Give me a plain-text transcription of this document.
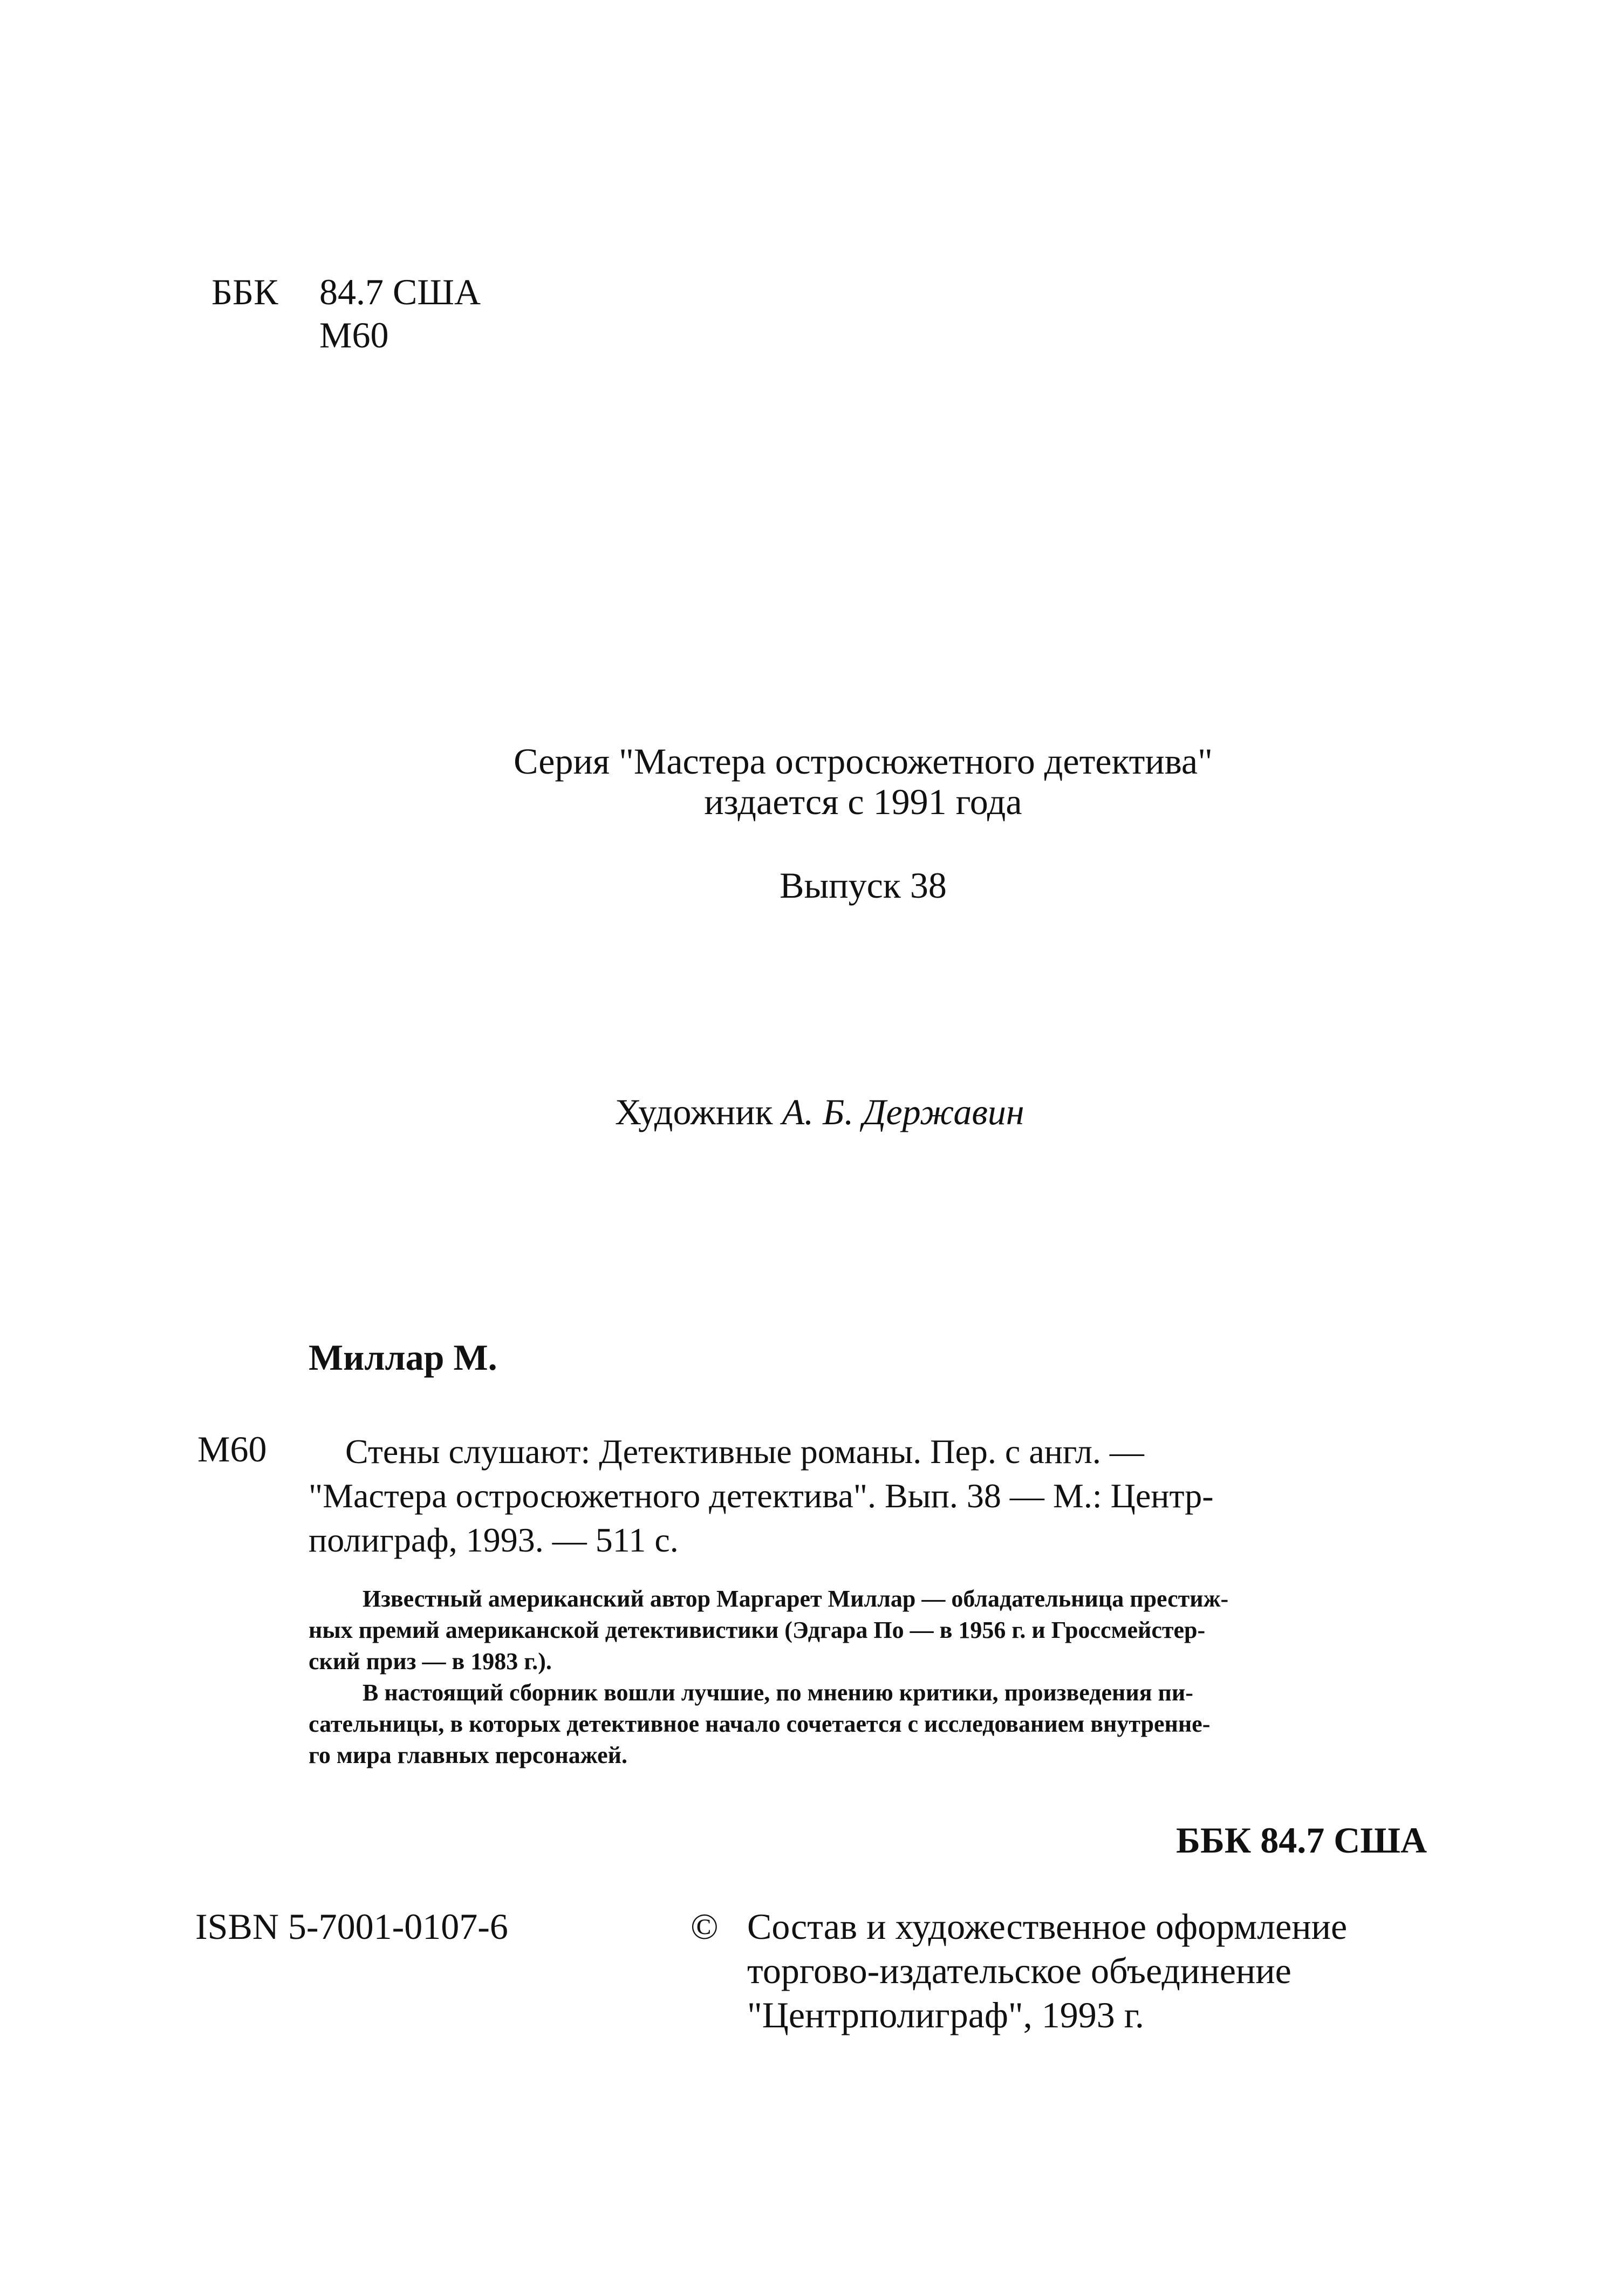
ББК 84.7 США
М60
Серия "Мастера остросюжетного детектива"
издается с 1991 года
Выпуск 38
Художник А. Б. Державин
Миллар М.
М60	Стены слушают: Детективные романы. Пер. с англ. —
"Мастера остросюжетного детектива". Вып. 38 — М.: Центр-
полиграф, 1993. — 511 с.
Известный американский автор Маргарет Миллар — обладательница престиж-
ных премий американской детективистики (Эдгара По — в 1956 г. и Гроссмейстер-
ский приз — в 1983 г.).
В настоящий сборник вошли лучшие, по мнению критики, произведения пи-
сательницы, в которых детективное начало сочетается с исследованием внутренне-
го мира главных персонажей.
ББК 84.7 США
ISBN 5-7001-0107-6	© Состав и художественное оформление
торгово-издательское объединение
"Центрполиграф", 1993 г.
